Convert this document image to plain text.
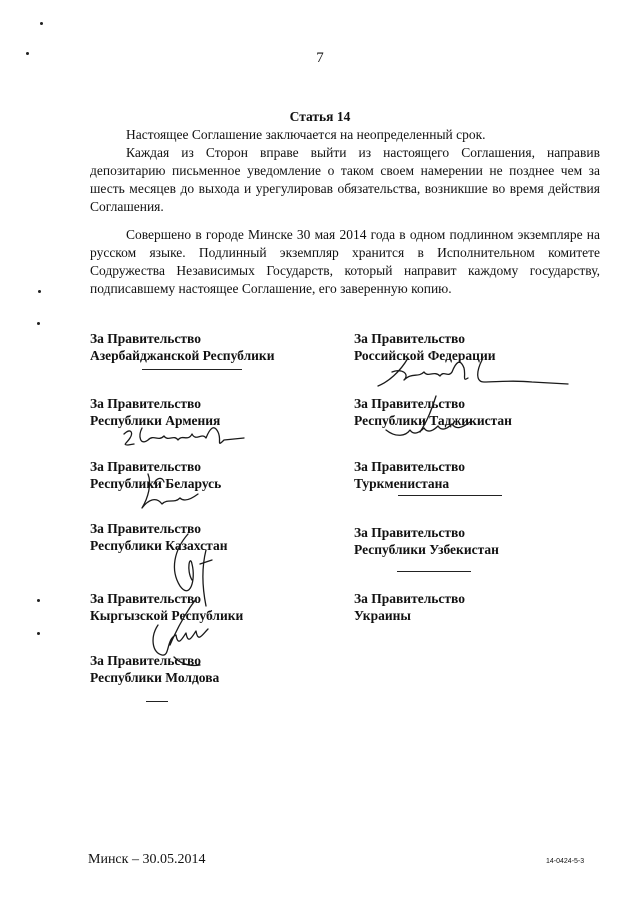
7
Статья 14
Настоящее Соглашение заключается на неопределенный срок.
Каждая из Сторон вправе выйти из настоящего Соглашения, направив депозитарию письменное уведомление о таком своем намерении не позднее чем за шесть месяцев до выхода и урегулировав обязательства, возникшие во время действия Соглашения.
Совершено в городе Минске 30 мая 2014 года в одном подлинном экземпляре на русском языке. Подлинный экземпляр хранится в Исполнительном комитете Содружества Независимых Государств, который направит каждому государству, подписавшему настоящее Соглашение, его заверенную копию.
За Правительство
Азербайджанской Республики
За Правительство
Республики Армения
За Правительство
Республики Беларусь
За Правительство
Республики Казахстан
За Правительство
Кыргызской Республики
За Правительство
Республики Молдова
За Правительство
Российской Федерации
За Правительство
Республики Таджикистан
За Правительство
Туркменистана
За Правительство
Республики Узбекистан
За Правительство
Украины
Минск – 30.05.2014	14-0424-5-3
